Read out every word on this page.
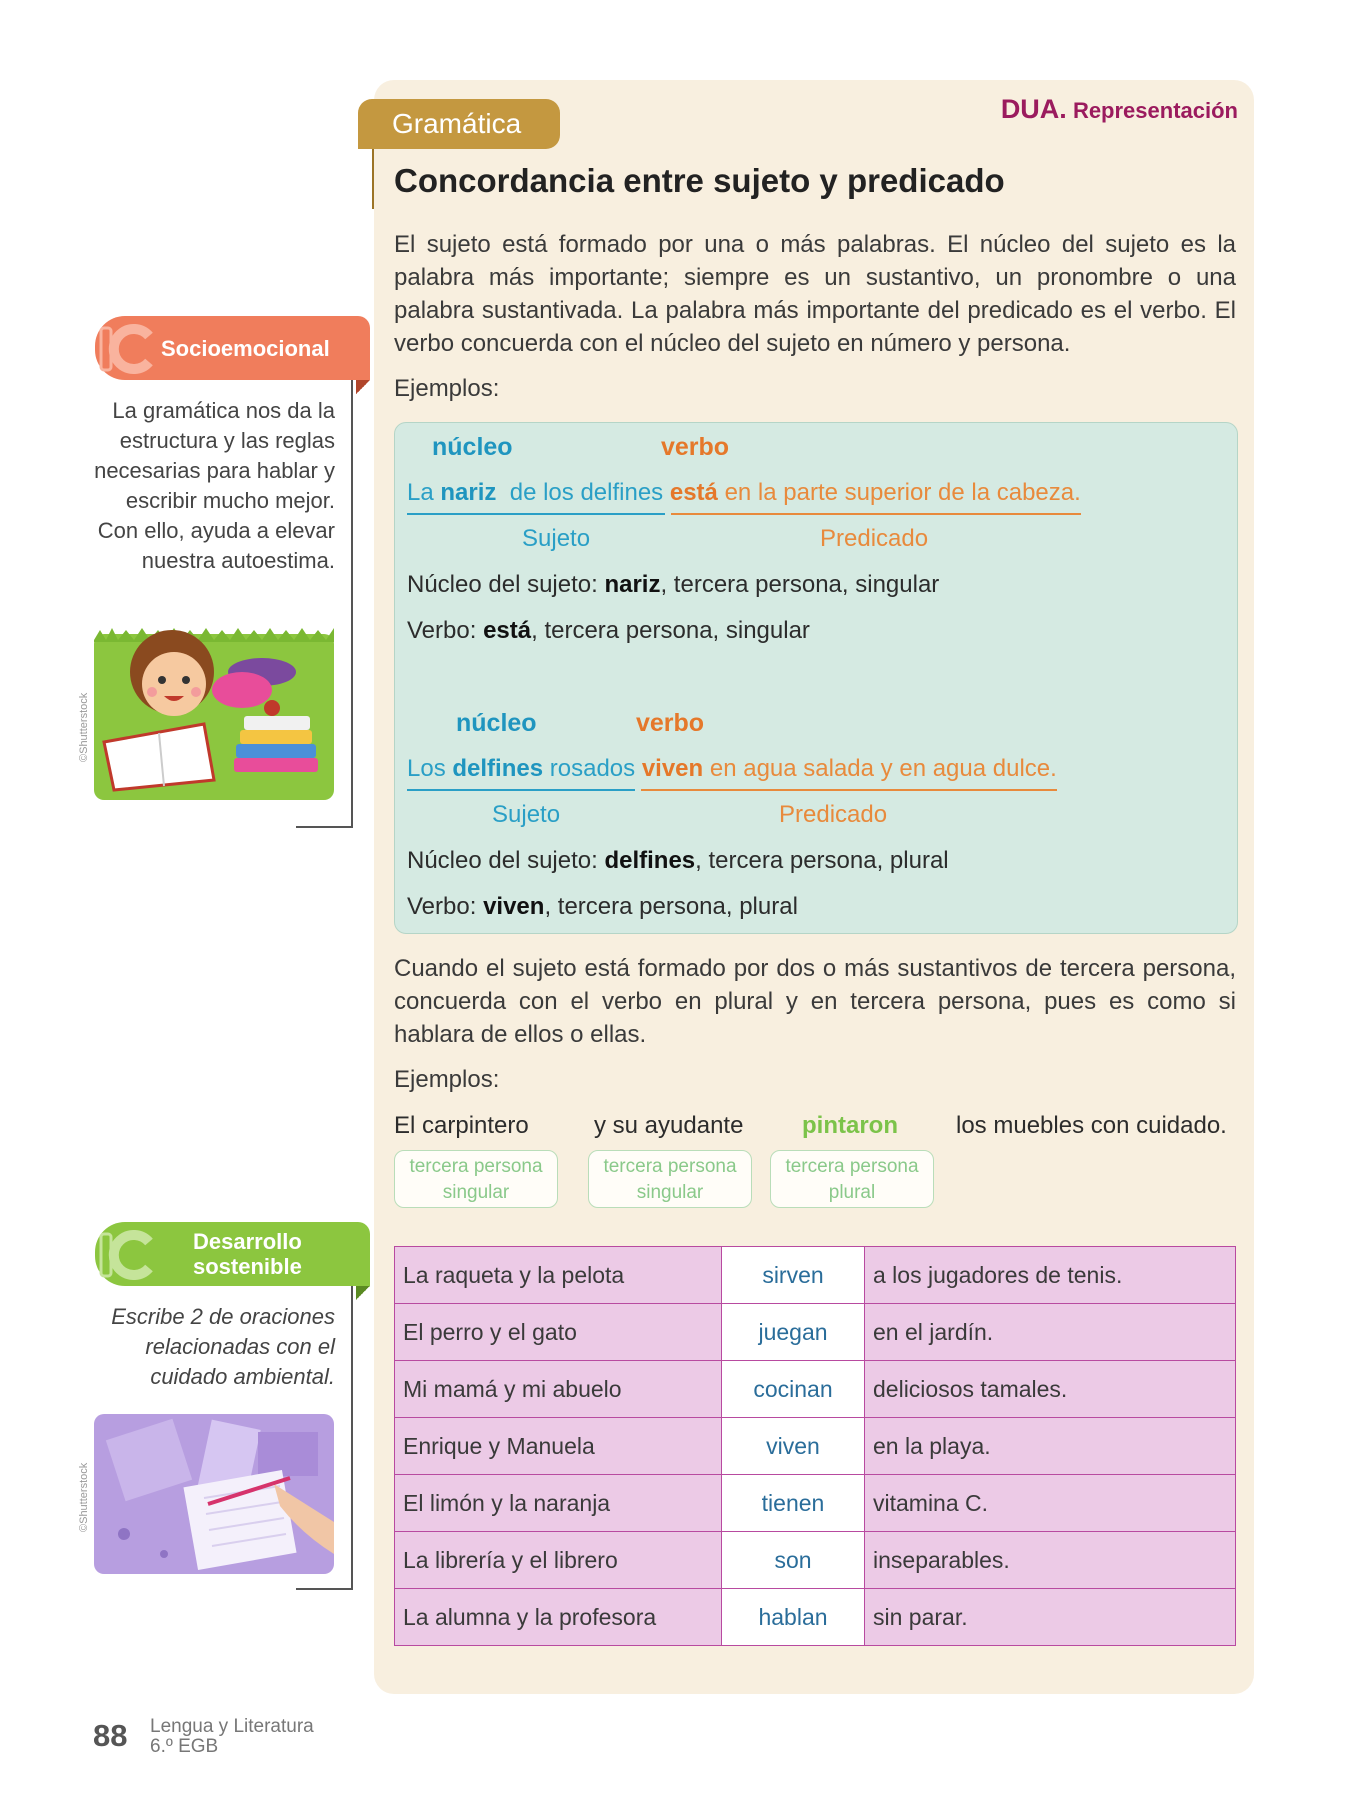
DUA. Representación
Gramática
Concordancia entre sujeto y predicado
El sujeto está formado por una o más palabras. El núcleo del sujeto es la palabra más importante; siempre es un sustantivo, un pronombre o una palabra sustantivada. La palabra más importante del predicado es el verbo. El verbo concuerda con el núcleo del sujeto en número y persona.
Ejemplos:
núcleo	verbo
La nariz de los delfines está en la parte superior de la cabeza.
Sujeto	Predicado
Núcleo del sujeto: nariz, tercera persona, singular
Verbo: está, tercera persona, singular
núcleo	verbo
Los delfines rosados viven en agua salada y en agua dulce.
Sujeto	Predicado
Núcleo del sujeto: delfines, tercera persona, plural
Verbo: viven, tercera persona, plural
Cuando el sujeto está formado por dos o más sustantivos de tercera persona, concuerda con el verbo en plural y en tercera persona, pues es como si hablara de ellos o ellas.
Ejemplos:
El carpintero	y su ayudante pintaron los muebles con cuidado.
tercera persona
singular
tercera persona
singular
tercera persona
plural
La raqueta y la pelota	sirven	a los jugadores de tenis.
El perro y el gato	juegan	en el jardín.
Mi mamá y mi abuelo	cocinan	deliciosos tamales.
Enrique y Manuela	viven	en la playa.
El limón y la naranja	tienen	vitamina C.
La librería y el librero	son	inseparables.
La alumna y la profesora	hablan	sin parar.
Socioemocional
La gramática nos da la estructura y las reglas necesarias para hablar y escribir mucho mejor. Con ello, ayuda a elevar nuestra autoestima.
©Shutterstock
Desarrollo
sostenible
Escribe 2 de oraciones relacionadas con el cuidado ambiental.
©Shutterstock
88 Lengua y Literatura
6.º EGB
